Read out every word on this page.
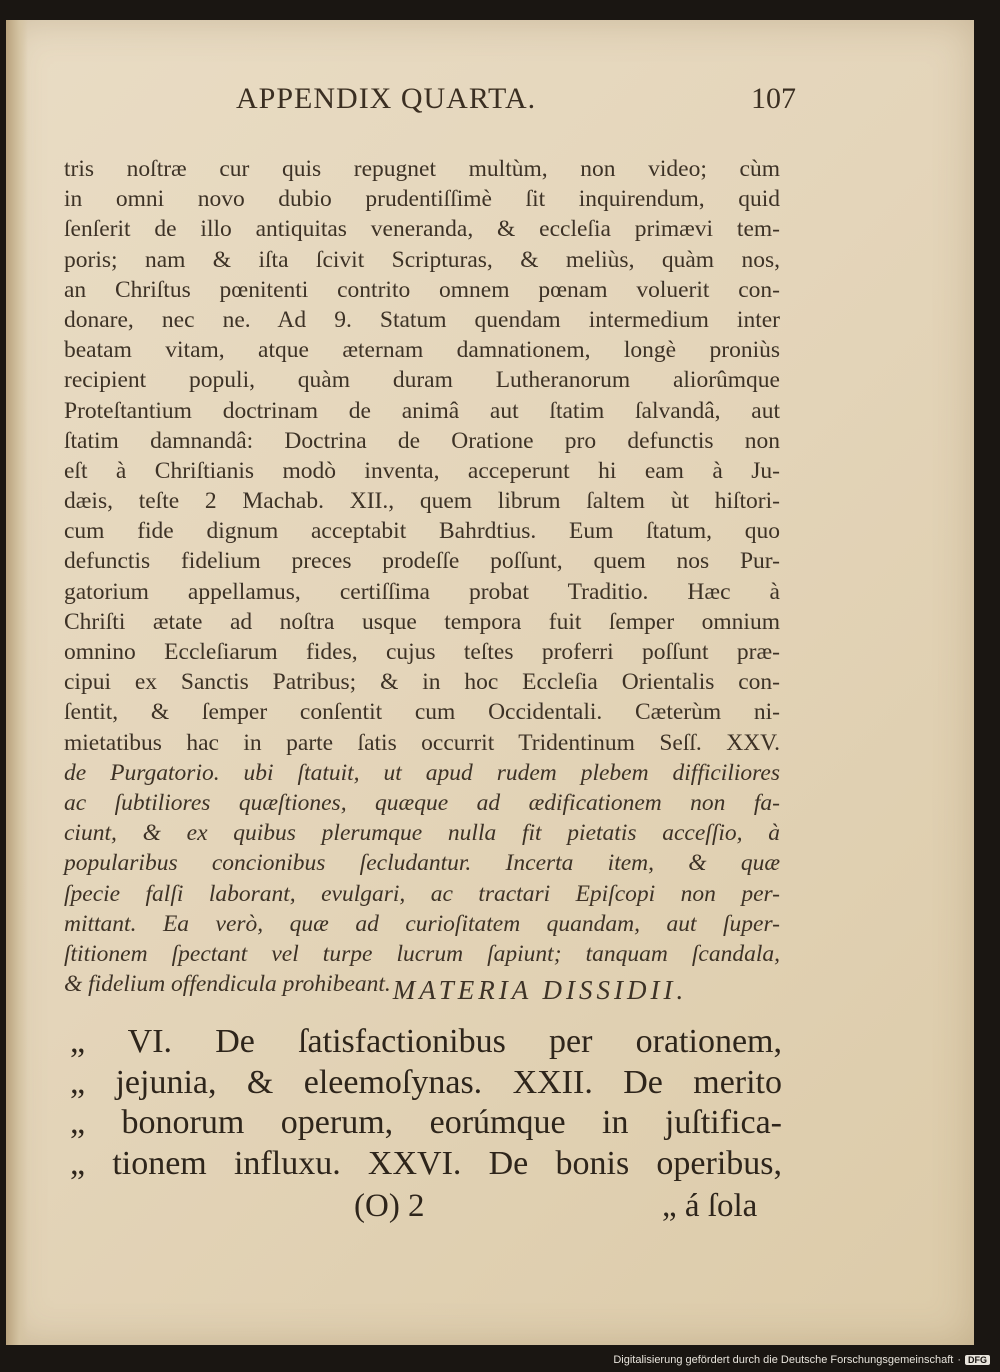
APPENDIX QUARTA.	107
tris noſtræ cur quis repugnet multùm, non video; cùm
in omni novo dubio prudentiſſimè ſit inquirendum, quid
ſenſerit de illo antiquitas veneranda, & eccleſia primævi tem-
poris; nam & iſta ſcivit Scripturas, & meliùs, quàm nos,
an Chriſtus pœnitenti contrito omnem pœnam voluerit con-
donare, nec ne. Ad 9. Statum quendam intermedium inter
beatam vitam, atque æternam damnationem, longè proniùs
recipient populi, quàm duram Lutheranorum aliorûmque
Proteſtantium doctrinam de animâ aut ſtatim ſalvandâ, aut
ſtatim damnandâ: Doctrina de Oratione pro defunctis non
eſt à Chriſtianis modò inventa, acceperunt hi eam à Ju-
dæis, teſte 2 Machab. XII., quem librum ſaltem ùt hiſtori-
cum fide dignum acceptabit Bahrdtius. Eum ſtatum, quo
defunctis fidelium preces prodeſſe poſſunt, quem nos Pur-
gatorium appellamus, certiſſima probat Traditio. Hæc à
Chriſti ætate ad noſtra usque tempora fuit ſemper omnium
omnino Eccleſiarum fides, cujus teſtes proferri poſſunt præ-
cipui ex Sanctis Patribus; & in hoc Eccleſia Orientalis con-
ſentit, & ſemper conſentit cum Occidentali. Cæterùm ni-
mietatibus hac in parte ſatis occurrit Tridentinum Seſſ. XXV.
de Purgatorio. ubi ſtatuit, ut apud rudem plebem difficiliores
ac ſubtiliores quæſtiones, quæque ad ædificationem non fa-
ciunt, & ex quibus plerumque nulla fit pietatis acceſſio, à
popularibus concionibus ſecludantur. Incerta item, & quæ
ſpecie falſi laborant, evulgari, ac tractari Epiſcopi non per-
mittant. Ea verò, quæ ad curioſitatem quandam, aut ſuper-
ſtitionem ſpectant vel turpe lucrum ſapiunt; tanquam ſcandala,
& fidelium offendicula prohibeant. MATERIA DISSIDII.
„ VI. De ſatisfactionibus per orationem,
„ jejunia, & eleemoſynas. XXII. De merito
„ bonorum operum, eorúmque in juſtifica-
„ tionem influxu. XXVI. De bonis operibus,
(O) 2	„ á ſola
Digitalisierung gefördert durch die Deutsche Forschungsgemeinschaft · DFG
